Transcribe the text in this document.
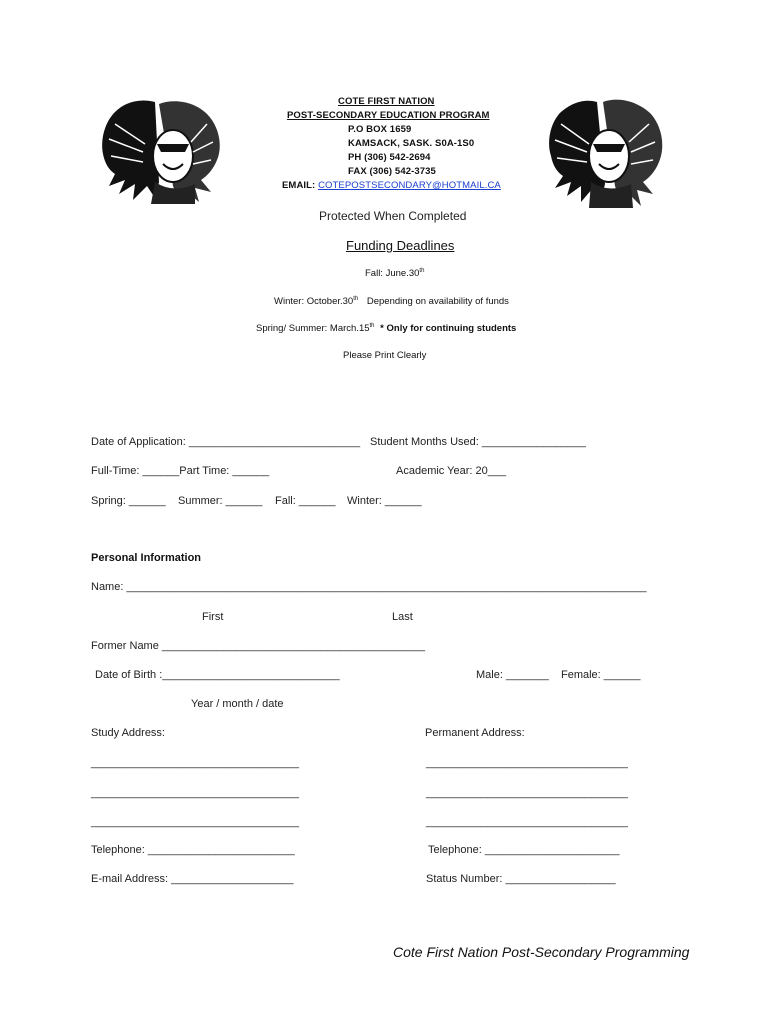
COTE FIRST NATION
POST-SECONDARY EDUCATION PROGRAM
P.O BOX 1659
KAMSACK, SASK. S0A-1S0
PH (306) 542-2694
FAX (306) 542-3735
EMAIL: COTEPOSTSECONDARY@HOTMAIL.CA
Protected When Completed
Funding Deadlines
Fall: June.30th
Winter: October.30th Depending on availability of funds
Spring/ Summer: March.15th * Only for continuing students
Please Print Clearly
Date of Application: ____________________________ Student Months Used: _________________
Full-Time: ______Part Time: ______	Academic Year: 20___
Spring: ______ Summer: ______ Fall: ______ Winter: ______
Personal Information
Name: _____________________________________________________________________________________
First	Last
Former Name ___________________________________________
Date of Birth :_____________________________	Male: _______ Female: ______
Year / month / date
Study Address:	Permanent Address:
__________________________________	_________________________________
__________________________________	_________________________________
__________________________________	_________________________________
Telephone: ________________________	Telephone: ______________________
E-mail Address: ____________________	Status Number: __________________
Cote First Nation Post-Secondary Programming
